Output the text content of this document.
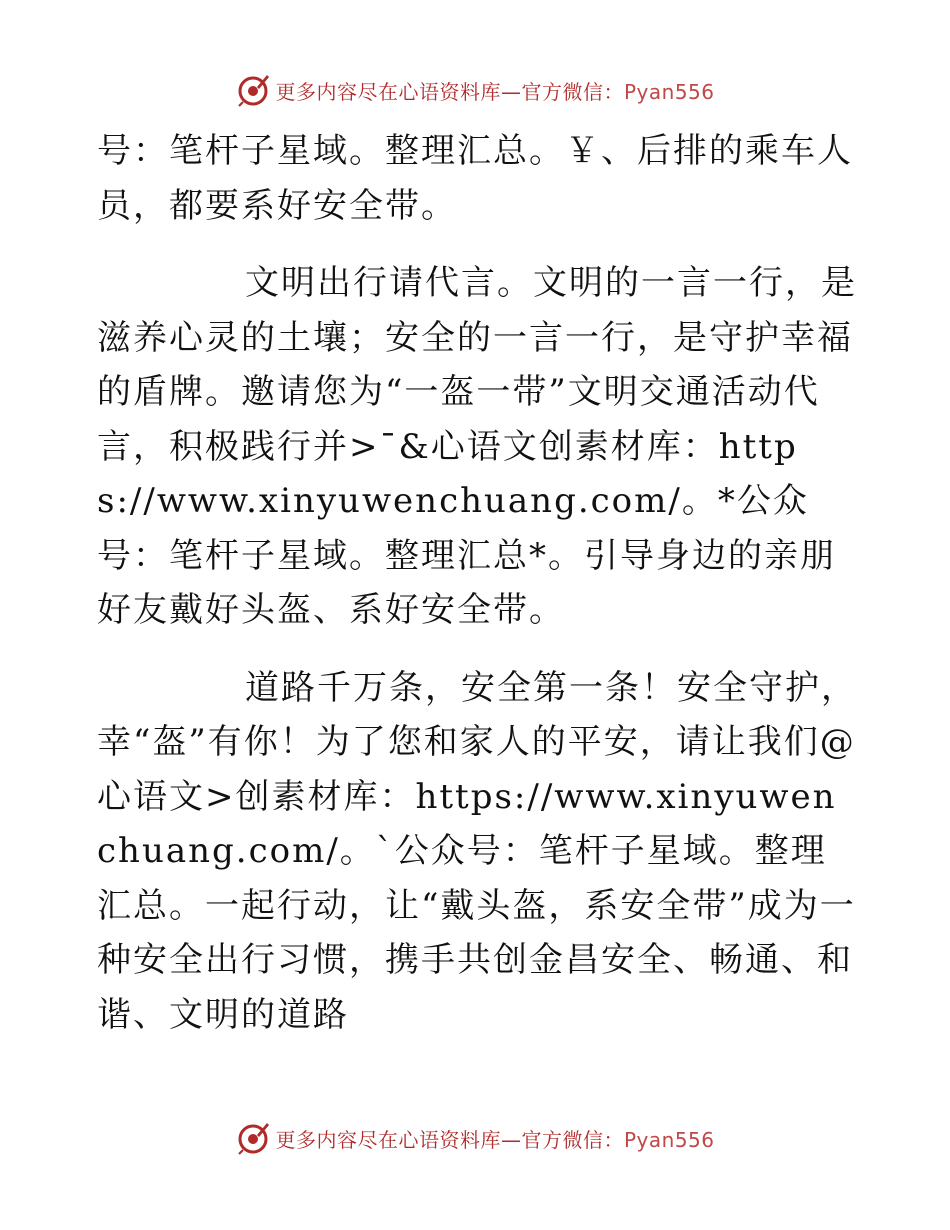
更多内容尽在心语资料库—官方微信：Pyan556

号：笔杆子星域。整理汇总。￥、后排的乘车人员，都要系好安全带。

文明出行请代言。文明的一言一行，是滋养心灵的土壤；安全的一言一行，是守护幸福的盾牌。邀请您为“一盔一带”文明交通活动代言，积极践行并>¯&心语文创素材库：https://www.xinyuwenchuang.com/。*公众号：笔杆子星域。整理汇总*。引导身边的亲朋好友戴好头盔、系好安全带。

道路千万条，安全第一条！安全守护，幸“盔”有你！为了您和家人的平安，请让我们@心语文>创素材库：https://www.xinyuwenchuang.com/。`公众号：笔杆子星域。整理汇总。一起行动，让“戴头盔，系安全带”成为一种安全出行习惯，携手共创金昌安全、畅通、和谐、文明的道路

更多内容尽在心语资料库—官方微信：Pyan556
